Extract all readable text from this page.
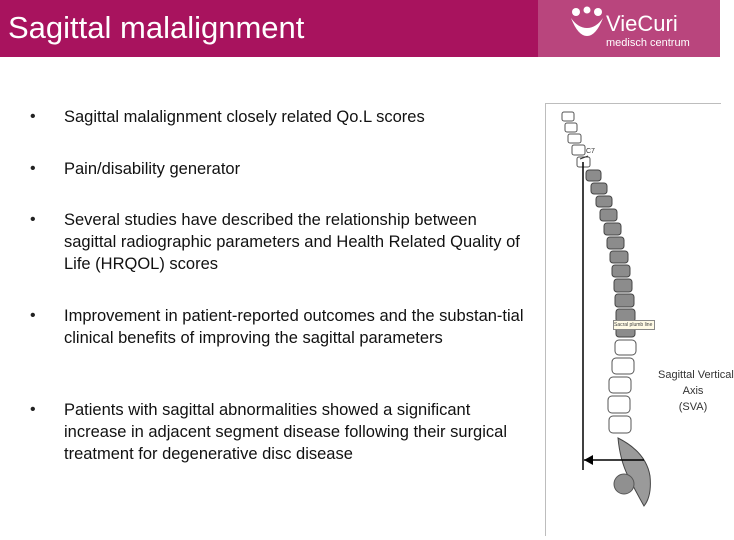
Sagittal malalignment	VieCuri
medisch centrum
•	Sagittal malalignment closely related Qo.L scores
•	Pain/disability generator
•	Several studies have described the relationship between sagittal radiographic parameters and Health Related Quality of Life (HRQOL) scores
•	Improvement in patient-reported outcomes and the substan-tial clinical benefits of improving the sagittal parameters
•	Patients with sagittal abnormalities showed a significant increase in adjacent segment disease following their surgical treatment for degenerative disc disease
C7
Sacral plumb line
Sagittal Vertical
Axis
(SVA)
